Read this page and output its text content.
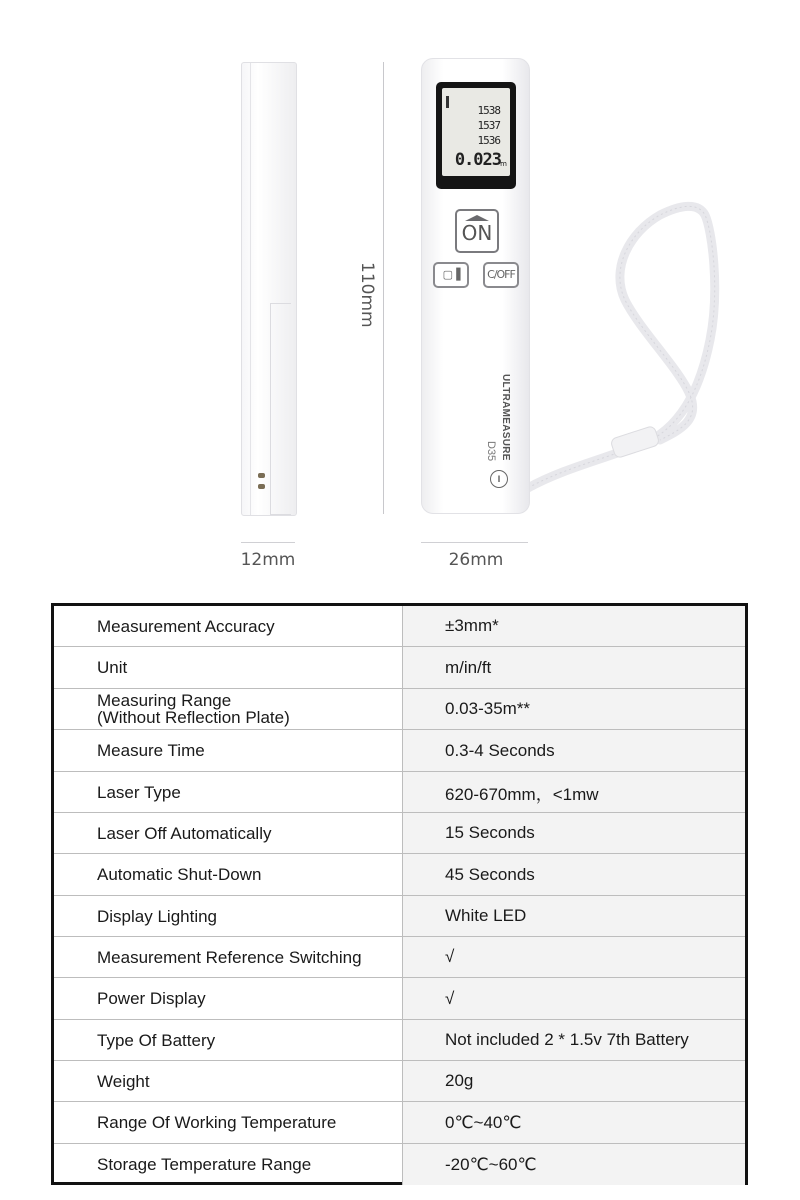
110mm
12mm	26mm
1538
1537
1536
0.023 m
ON
▢▐	C/OFF
ULTRAMEASURE
D35
I
Measurement Accuracy	±3mm*
Unit	m/in/ft
Measuring Range
(Without Reflection Plate)	0.03-35m**
Measure Time	0.3-4 Seconds
Laser Type	620-670mm，<1mw
Laser Off Automatically	15 Seconds
Automatic Shut-Down	45 Seconds
Display Lighting	White LED
Measurement Reference Switching	√
Power Display	√
Type Of Battery	Not included 2 * 1.5v 7th Battery
Weight	20g
Range Of Working Temperature	0℃~40℃
Storage Temperature Range	-20℃~60℃
